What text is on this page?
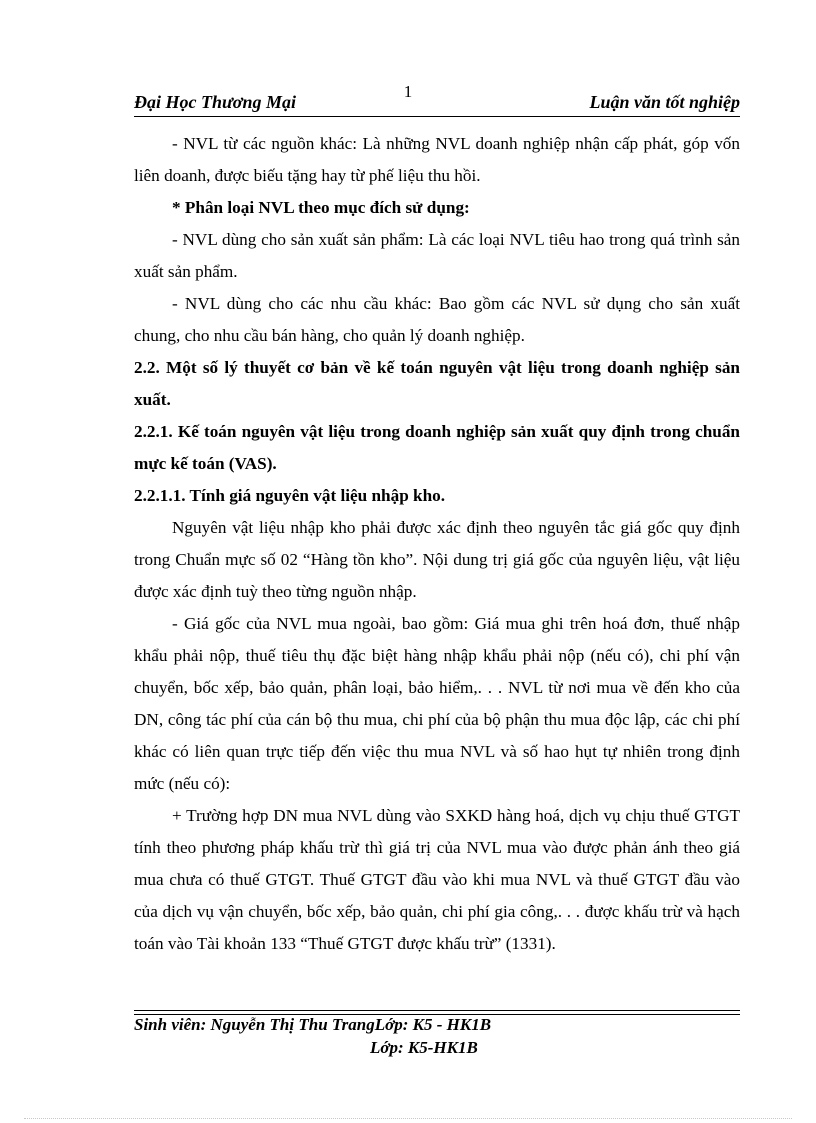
1
Đại Học Thương Mại	Luận văn tốt nghiệp

- NVL từ các nguồn khác: Là những NVL doanh nghiệp nhận cấp phát, góp vốn liên doanh, được biếu tặng hay từ phế liệu thu hồi.

* Phân loại NVL theo mục đích sử dụng:

- NVL dùng cho sản xuất sản phẩm: Là các loại NVL tiêu hao trong quá trình sản xuất sản phẩm.

- NVL dùng cho các nhu cầu khác: Bao gồm các NVL sử dụng cho sản xuất chung, cho nhu cầu bán hàng, cho quản lý doanh nghiệp.

2.2. Một số lý thuyết cơ bản về kế toán nguyên vật liệu trong doanh nghiệp sản xuất.

2.2.1. Kế toán nguyên vật liệu trong doanh nghiệp sản xuất quy định trong chuẩn mực kế toán (VAS).

2.2.1.1. Tính giá nguyên vật liệu nhập kho.

Nguyên vật liệu nhập kho phải được xác định theo nguyên tắc giá gốc quy định trong Chuẩn mực số 02 “Hàng tồn kho”. Nội dung trị giá gốc của nguyên liệu, vật liệu được xác định tuỳ theo từng nguồn nhập.

- Giá gốc của NVL mua ngoài, bao gồm: Giá mua ghi trên hoá đơn, thuế nhập khẩu phải nộp, thuế tiêu thụ đặc biệt hàng nhập khẩu phải nộp (nếu có), chi phí vận chuyển, bốc xếp, bảo quản, phân loại, bảo hiểm,. . . NVL từ nơi mua về đến kho của DN, công tác phí của cán bộ thu mua, chi phí của bộ phận thu mua độc lập, các chi phí khác có liên quan trực tiếp đến việc thu mua NVL và số hao hụt tự nhiên trong định mức (nếu có):

+ Trường hợp DN mua NVL dùng vào SXKD hàng hoá, dịch vụ chịu thuế GTGT tính theo phương pháp khấu trừ thì giá trị của NVL mua vào được phản ánh theo giá mua chưa có thuế GTGT. Thuế GTGT đầu vào khi mua NVL và thuế GTGT đầu vào của dịch vụ vận chuyển, bốc xếp, bảo quản, chi phí gia công,. . . được khấu trừ và hạch toán vào Tài khoản 133 “Thuế GTGT được khấu trừ” (1331).

Sinh viên: Nguyễn Thị Thu TrangLớp: K5 - HK1B
Lớp: K5-HK1B
